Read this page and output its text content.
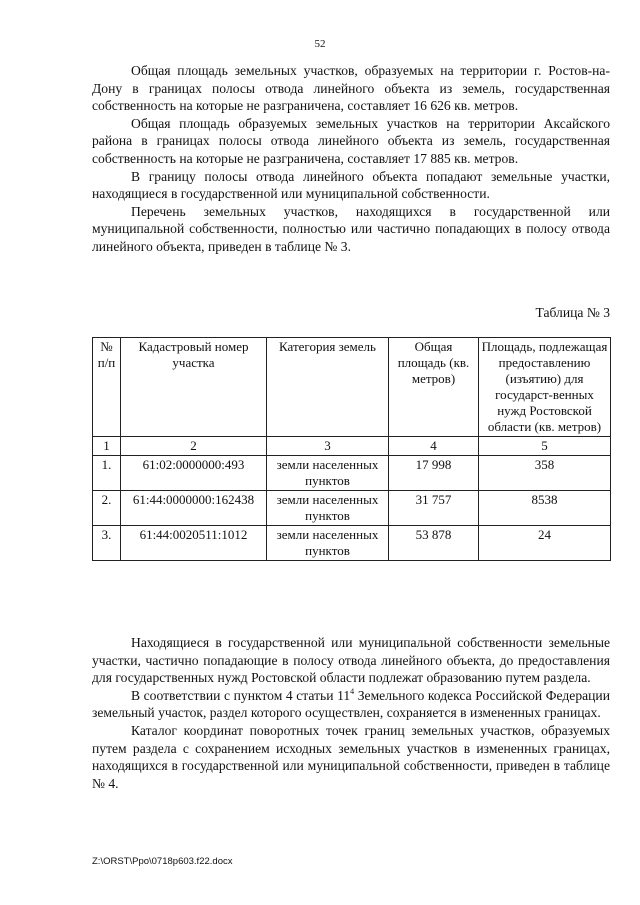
52

Общая площадь земельных участков, образуемых на территории г. Ростов-на-Дону в границах полосы отвода линейного объекта из земель, государственная собственность на которые не разграничена, составляет 16 626 кв. метров.

Общая площадь образуемых земельных участков на территории Аксайского района в границах полосы отвода линейного объекта из земель, государственная собственность на которые не разграничена, составляет 17 885 кв. метров.

В границу полосы отвода линейного объекта попадают земельные участки, находящиеся в государственной или муниципальной собственности.

Перечень земельных участков, находящихся в государственной или муниципальной собственности, полностью или частично попадающих в полосу отвода линейного объекта, приведен в таблице № 3.

Таблица № 3
№ п/п	Кадастровый номер участка	Категория земель	Общая площадь (кв. метров)	Площадь, подлежащая предоставлению (изъятию) для государст-венных нужд Ростовской области (кв. метров)
1	2	3	4	5
1.	61:02:0000000:493	земли населенных пунктов	17 998	358
2.	61:44:0000000:162438	земли населенных пунктов	31 757	8538
3.	61:44:0020511:1012	земли населенных пунктов	53 878	24

Находящиеся в государственной или муниципальной собственности земельные участки, частично попадающие в полосу отвода линейного объекта, до предоставления для государственных нужд Ростовской области подлежат образованию путем раздела.

В соответствии с пунктом 4 статьи $11^4$ Земельного кодекса Российской Федерации земельный участок, раздел которого осуществлен, сохраняется в измененных границах.

Каталог координат поворотных точек границ земельных участков, образуемых путем раздела с сохранением исходных земельных участков в измененных границах, находящихся в государственной или муниципальной собственности, приведен в таблице № 4.

Z:\ORST\Ppo\0718p603.f22.docx
